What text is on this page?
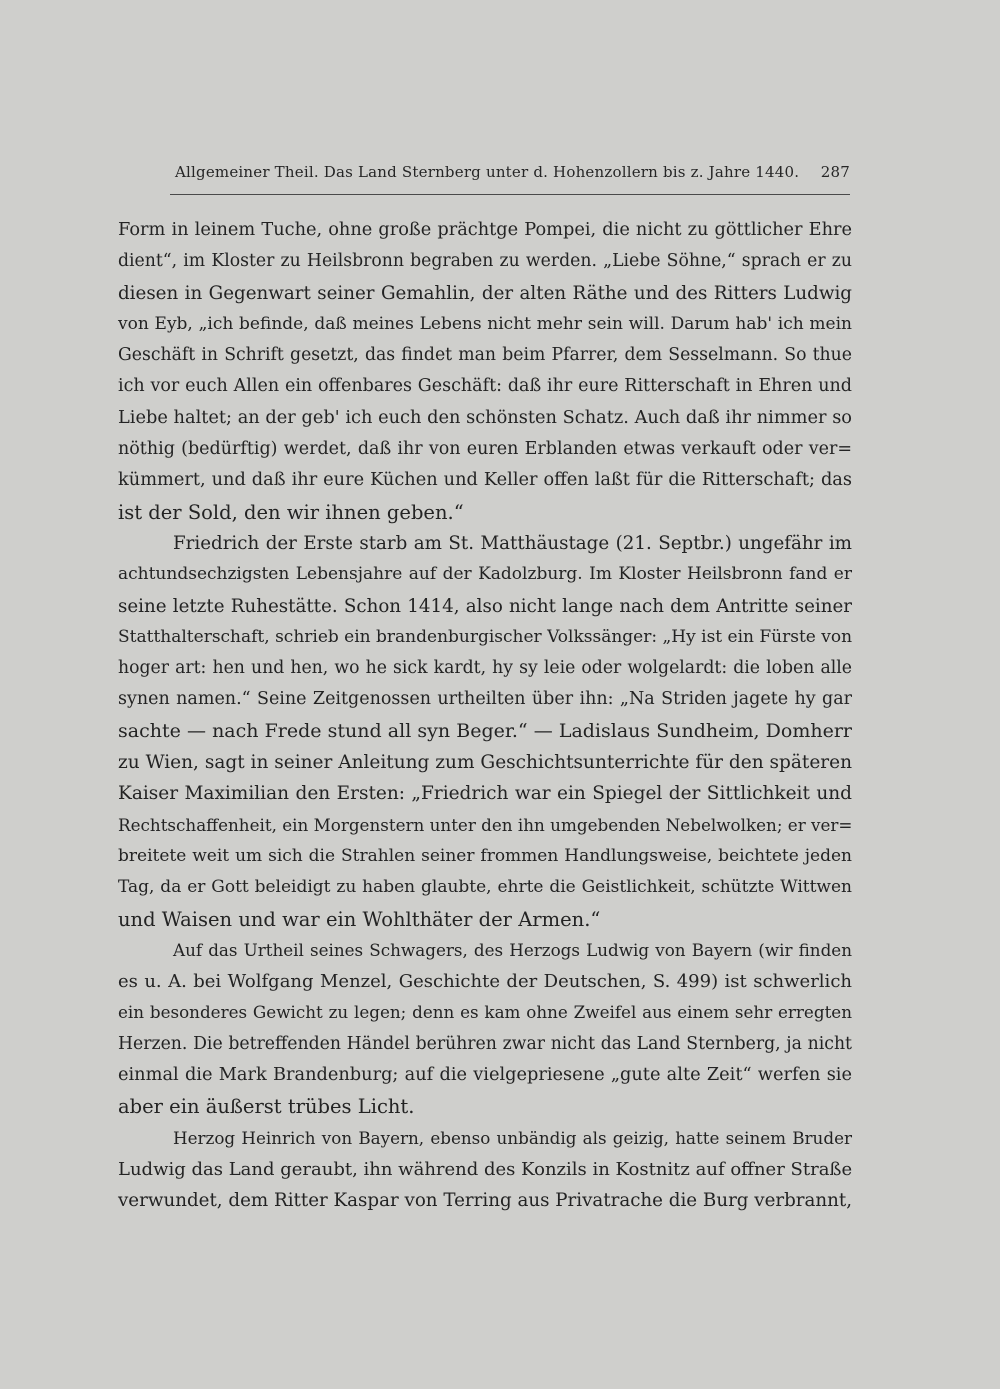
Allgemeiner Theil. Das Land Sternberg unter d. Hohenzollern bis z. Jahre 1440. 287
Form in leinem Tuche, ohne große prächtge Pompei, die nicht zu göttlicher Ehre
dient“, im Kloster zu Heilsbronn begraben zu werden. „Liebe Söhne,“ sprach er zu
diesen in Gegenwart seiner Gemahlin, der alten Räthe und des Ritters Ludwig
von Eyb, „ich befinde, daß meines Lebens nicht mehr sein will. Darum hab' ich mein
Geschäft in Schrift gesetzt, das findet man beim Pfarrer, dem Sesselmann. So thue
ich vor euch Allen ein offenbares Geschäft: daß ihr eure Ritterschaft in Ehren und
Liebe haltet; an der geb' ich euch den schönsten Schatz. Auch daß ihr nimmer so
nöthig (bedürftig) werdet, daß ihr von euren Erblanden etwas verkauft oder ver=
kümmert, und daß ihr eure Küchen und Keller offen laßt für die Ritterschaft; das
ist der Sold, den wir ihnen geben.“
Friedrich der Erste starb am St. Matthäustage (21. Septbr.) ungefähr im
achtundsechzigsten Lebensjahre auf der Kadolzburg. Im Kloster Heilsbronn fand er
seine letzte Ruhestätte. Schon 1414, also nicht lange nach dem Antritte seiner
Statthalterschaft, schrieb ein brandenburgischer Volkssänger: „Hy ist ein Fürste von
hoger art: hen und hen, wo he sick kardt, hy sy leie oder wolgelardt: die loben alle
synen namen.“ Seine Zeitgenossen urtheilten über ihn: „Na Striden jagete hy gar
sachte — nach Frede stund all syn Beger.“ — Ladislaus Sundheim, Domherr
zu Wien, sagt in seiner Anleitung zum Geschichtsunterrichte für den späteren
Kaiser Maximilian den Ersten: „Friedrich war ein Spiegel der Sittlichkeit und
Rechtschaffenheit, ein Morgenstern unter den ihn umgebenden Nebelwolken; er ver=
breitete weit um sich die Strahlen seiner frommen Handlungsweise, beichtete jeden
Tag, da er Gott beleidigt zu haben glaubte, ehrte die Geistlichkeit, schützte Wittwen
und Waisen und war ein Wohlthäter der Armen.“
Auf das Urtheil seines Schwagers, des Herzogs Ludwig von Bayern (wir finden
es u. A. bei Wolfgang Menzel, Geschichte der Deutschen, S. 499) ist schwerlich
ein besonderes Gewicht zu legen; denn es kam ohne Zweifel aus einem sehr erregten
Herzen. Die betreffenden Händel berühren zwar nicht das Land Sternberg, ja nicht
einmal die Mark Brandenburg; auf die vielgepriesene „gute alte Zeit“ werfen sie
aber ein äußerst trübes Licht.
Herzog Heinrich von Bayern, ebenso unbändig als geizig, hatte seinem Bruder
Ludwig das Land geraubt, ihn während des Konzils in Kostnitz auf offner Straße
verwundet, dem Ritter Kaspar von Terring aus Privatrache die Burg verbrannt,
